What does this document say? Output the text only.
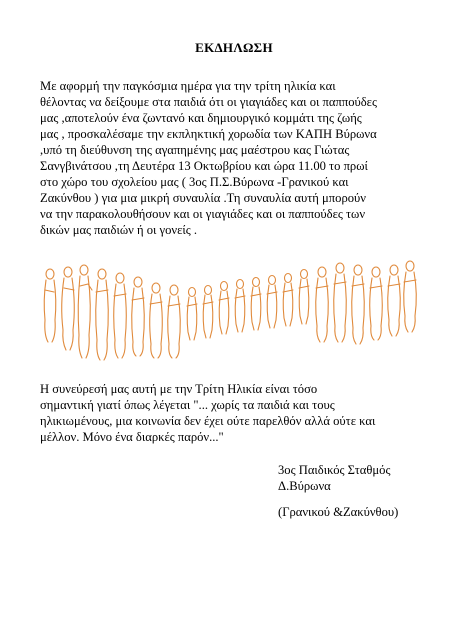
ΕΚΔΗΛΩΣΗ

Με αφορμή την παγκόσμια ημέρα για την τρίτη ηλικία και
θέλοντας να δείξουμε στα παιδιά ότι οι γιαγιάδες και οι παππούδες
μας ,αποτελούν ένα ζωντανό και δημιουργικό κομμάτι της ζωής
μας , προσκαλέσαμε την εκπληκτική χορωδία των ΚΑΠΗ Βύρωνα
,υπό τη διεύθυνση της αγαπημένης μας μαέστρου κας Γιώτας
Σανγβινάτσου ,τη Δευτέρα 13 Οκτωβρίου και ώρα 11.00 το πρωί
στο χώρο του σχολείου μας ( 3ος Π.Σ.Βύρωνα -Γρανικού και
Ζακύνθου ) για μια μικρή συναυλία .Τη συναυλία αυτή μπορούν
να την παρακολουθήσουν και οι γιαγιάδες και οι παππούδες των
δικών μας παιδιών ή οι γονείς .

Η συνεύρεσή μας αυτή με την Τρίτη Ηλικία είναι τόσο
σημαντική γιατί όπως λέγεται "... χωρίς τα παιδιά και τους
ηλικιωμένους, μια κοινωνία δεν έχει ούτε παρελθόν αλλά ούτε και
μέλλον. Μόνο ένα διαρκές παρόν..."

3ος Παιδικός Σταθμός
Δ.Βύρωνα
(Γρανικού &Ζακύνθου)
